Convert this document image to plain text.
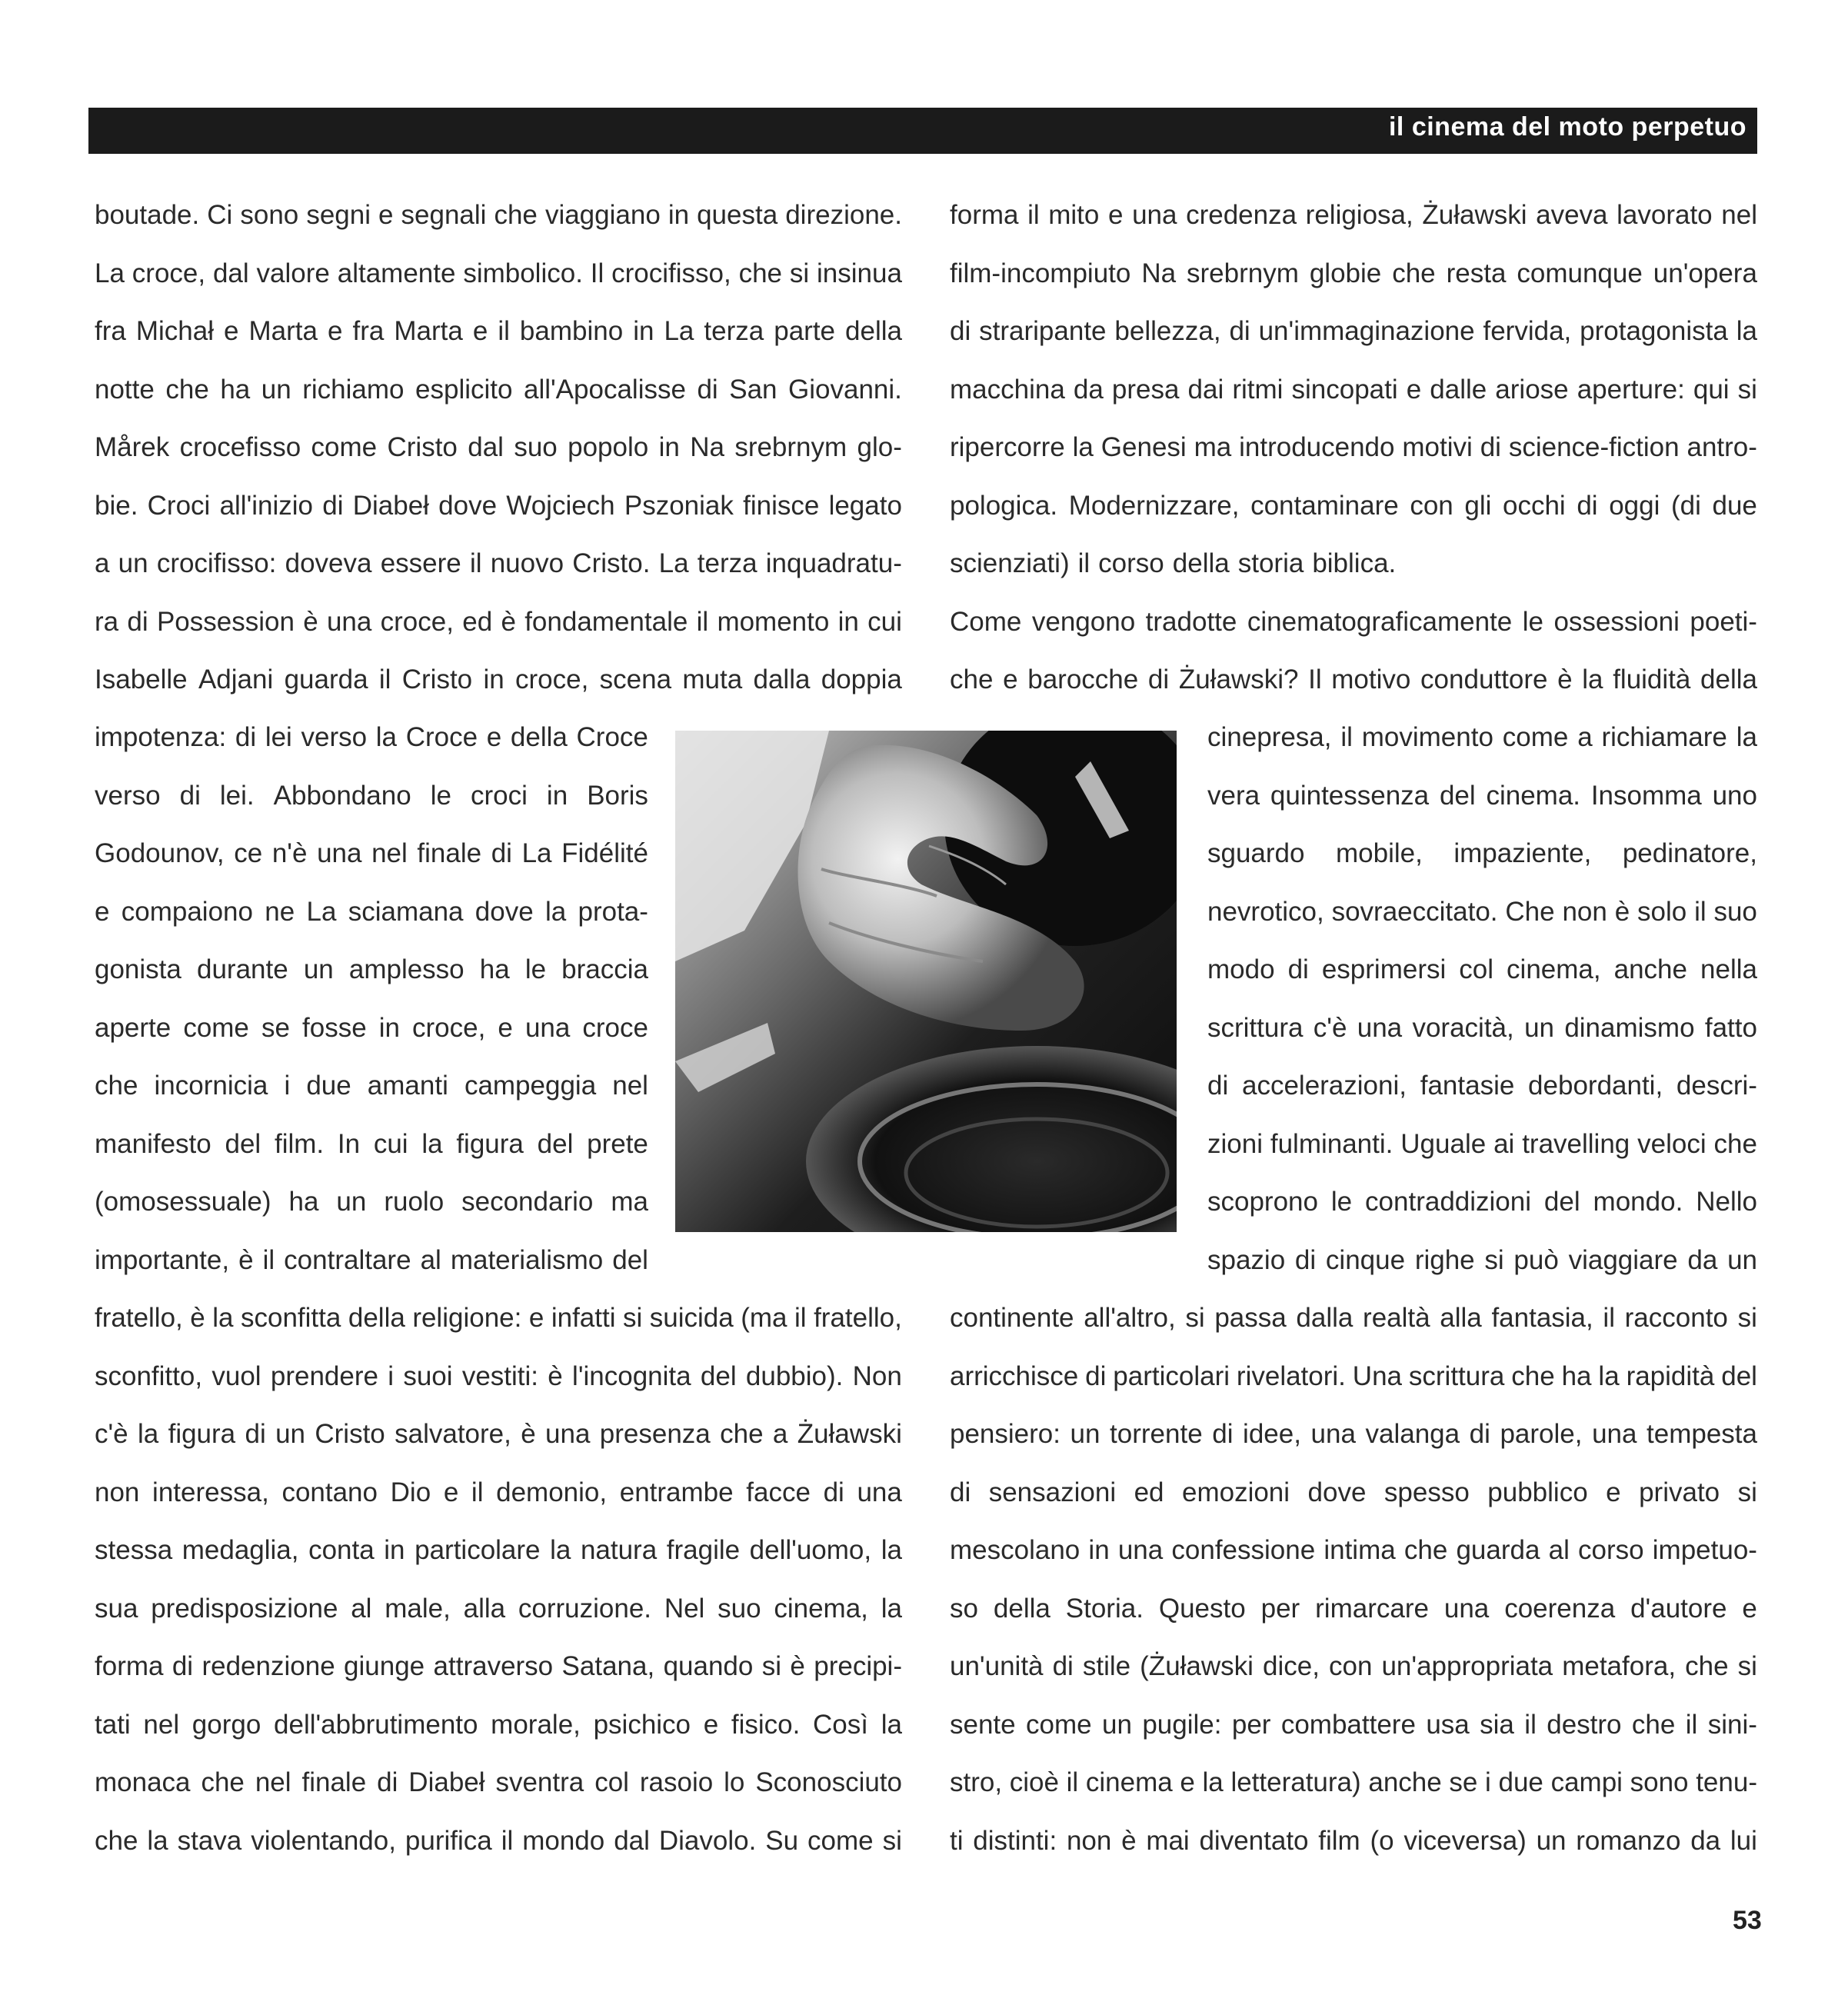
il cinema del moto perpetuo
boutade. Ci sono segni e segnali che viaggiano in questa direzione.
La croce, dal valore altamente simbolico. Il crocifisso, che si insinua
fra Michał e Marta e fra Marta e il bambino in La terza parte della
notte che ha un richiamo esplicito all'Apocalisse di San Giovanni.
Mårek crocefisso come Cristo dal suo popolo in Na srebrnym glo-
bie. Croci all'inizio di Diabeł dove Wojciech Pszoniak finisce legato
a un crocifisso: doveva essere il nuovo Cristo. La terza inquadratu-
ra di Possession è una croce, ed è fondamentale il momento in cui
Isabelle Adjani guarda il Cristo in croce, scena muta dalla doppia
impotenza: di lei verso la Croce e della Croce
verso di lei. Abbondano le croci in Boris
Godounov, ce n'è una nel finale di La Fidélité
e compaiono ne La sciamana dove la prota-
gonista durante un amplesso ha le braccia
aperte come se fosse in croce, e una croce
che incornicia i due amanti campeggia nel
manifesto del film. In cui la figura del prete
(omosessuale) ha un ruolo secondario ma
importante, è il contraltare al materialismo del
fratello, è la sconfitta della religione: e infatti si suicida (ma il fratello,
sconfitto, vuol prendere i suoi vestiti: è l'incognita del dubbio). Non
c'è la figura di un Cristo salvatore, è una presenza che a Żuławski
non interessa, contano Dio e il demonio, entrambe facce di una
stessa medaglia, conta in particolare la natura fragile dell'uomo, la
sua predisposizione al male, alla corruzione. Nel suo cinema, la
forma di redenzione giunge attraverso Satana, quando si è precipi-
tati nel gorgo dell'abbrutimento morale, psichico e fisico. Così la
monaca che nel finale di Diabeł sventra col rasoio lo Sconosciuto
che la stava violentando, purifica il mondo dal Diavolo. Su come si
forma il mito e una credenza religiosa, Żuławski aveva lavorato nel
film-incompiuto Na srebrnym globie che resta comunque un'opera
di straripante bellezza, di un'immaginazione fervida, protagonista la
macchina da presa dai ritmi sincopati e dalle ariose aperture: qui si
ripercorre la Genesi ma introducendo motivi di science-fiction antro-
pologica. Modernizzare, contaminare con gli occhi di oggi (di due
scienziati) il corso della storia biblica.
Come vengono tradotte cinematograficamente le ossessioni poeti-
che e barocche di Żuławski? Il motivo conduttore è la fluidità della
cinepresa, il movimento come a richiamare la
vera quintessenza del cinema. Insomma uno
sguardo mobile, impaziente, pedinatore,
nevrotico, sovraeccitato. Che non è solo il suo
modo di esprimersi col cinema, anche nella
scrittura c'è una voracità, un dinamismo fatto
di accelerazioni, fantasie debordanti, descri-
zioni fulminanti. Uguale ai travelling veloci che
scoprono le contraddizioni del mondo. Nello
spazio di cinque righe si può viaggiare da un
continente all'altro, si passa dalla realtà alla fantasia, il racconto si
arricchisce di particolari rivelatori. Una scrittura che ha la rapidità del
pensiero: un torrente di idee, una valanga di parole, una tempesta
di sensazioni ed emozioni dove spesso pubblico e privato si
mescolano in una confessione intima che guarda al corso impetuo-
so della Storia. Questo per rimarcare una coerenza d'autore e
un'unità di stile (Żuławski dice, con un'appropriata metafora, che si
sente come un pugile: per combattere usa sia il destro che il sini-
stro, cioè il cinema e la letteratura) anche se i due campi sono tenu-
ti distinti: non è mai diventato film (o viceversa) un romanzo da lui
53
